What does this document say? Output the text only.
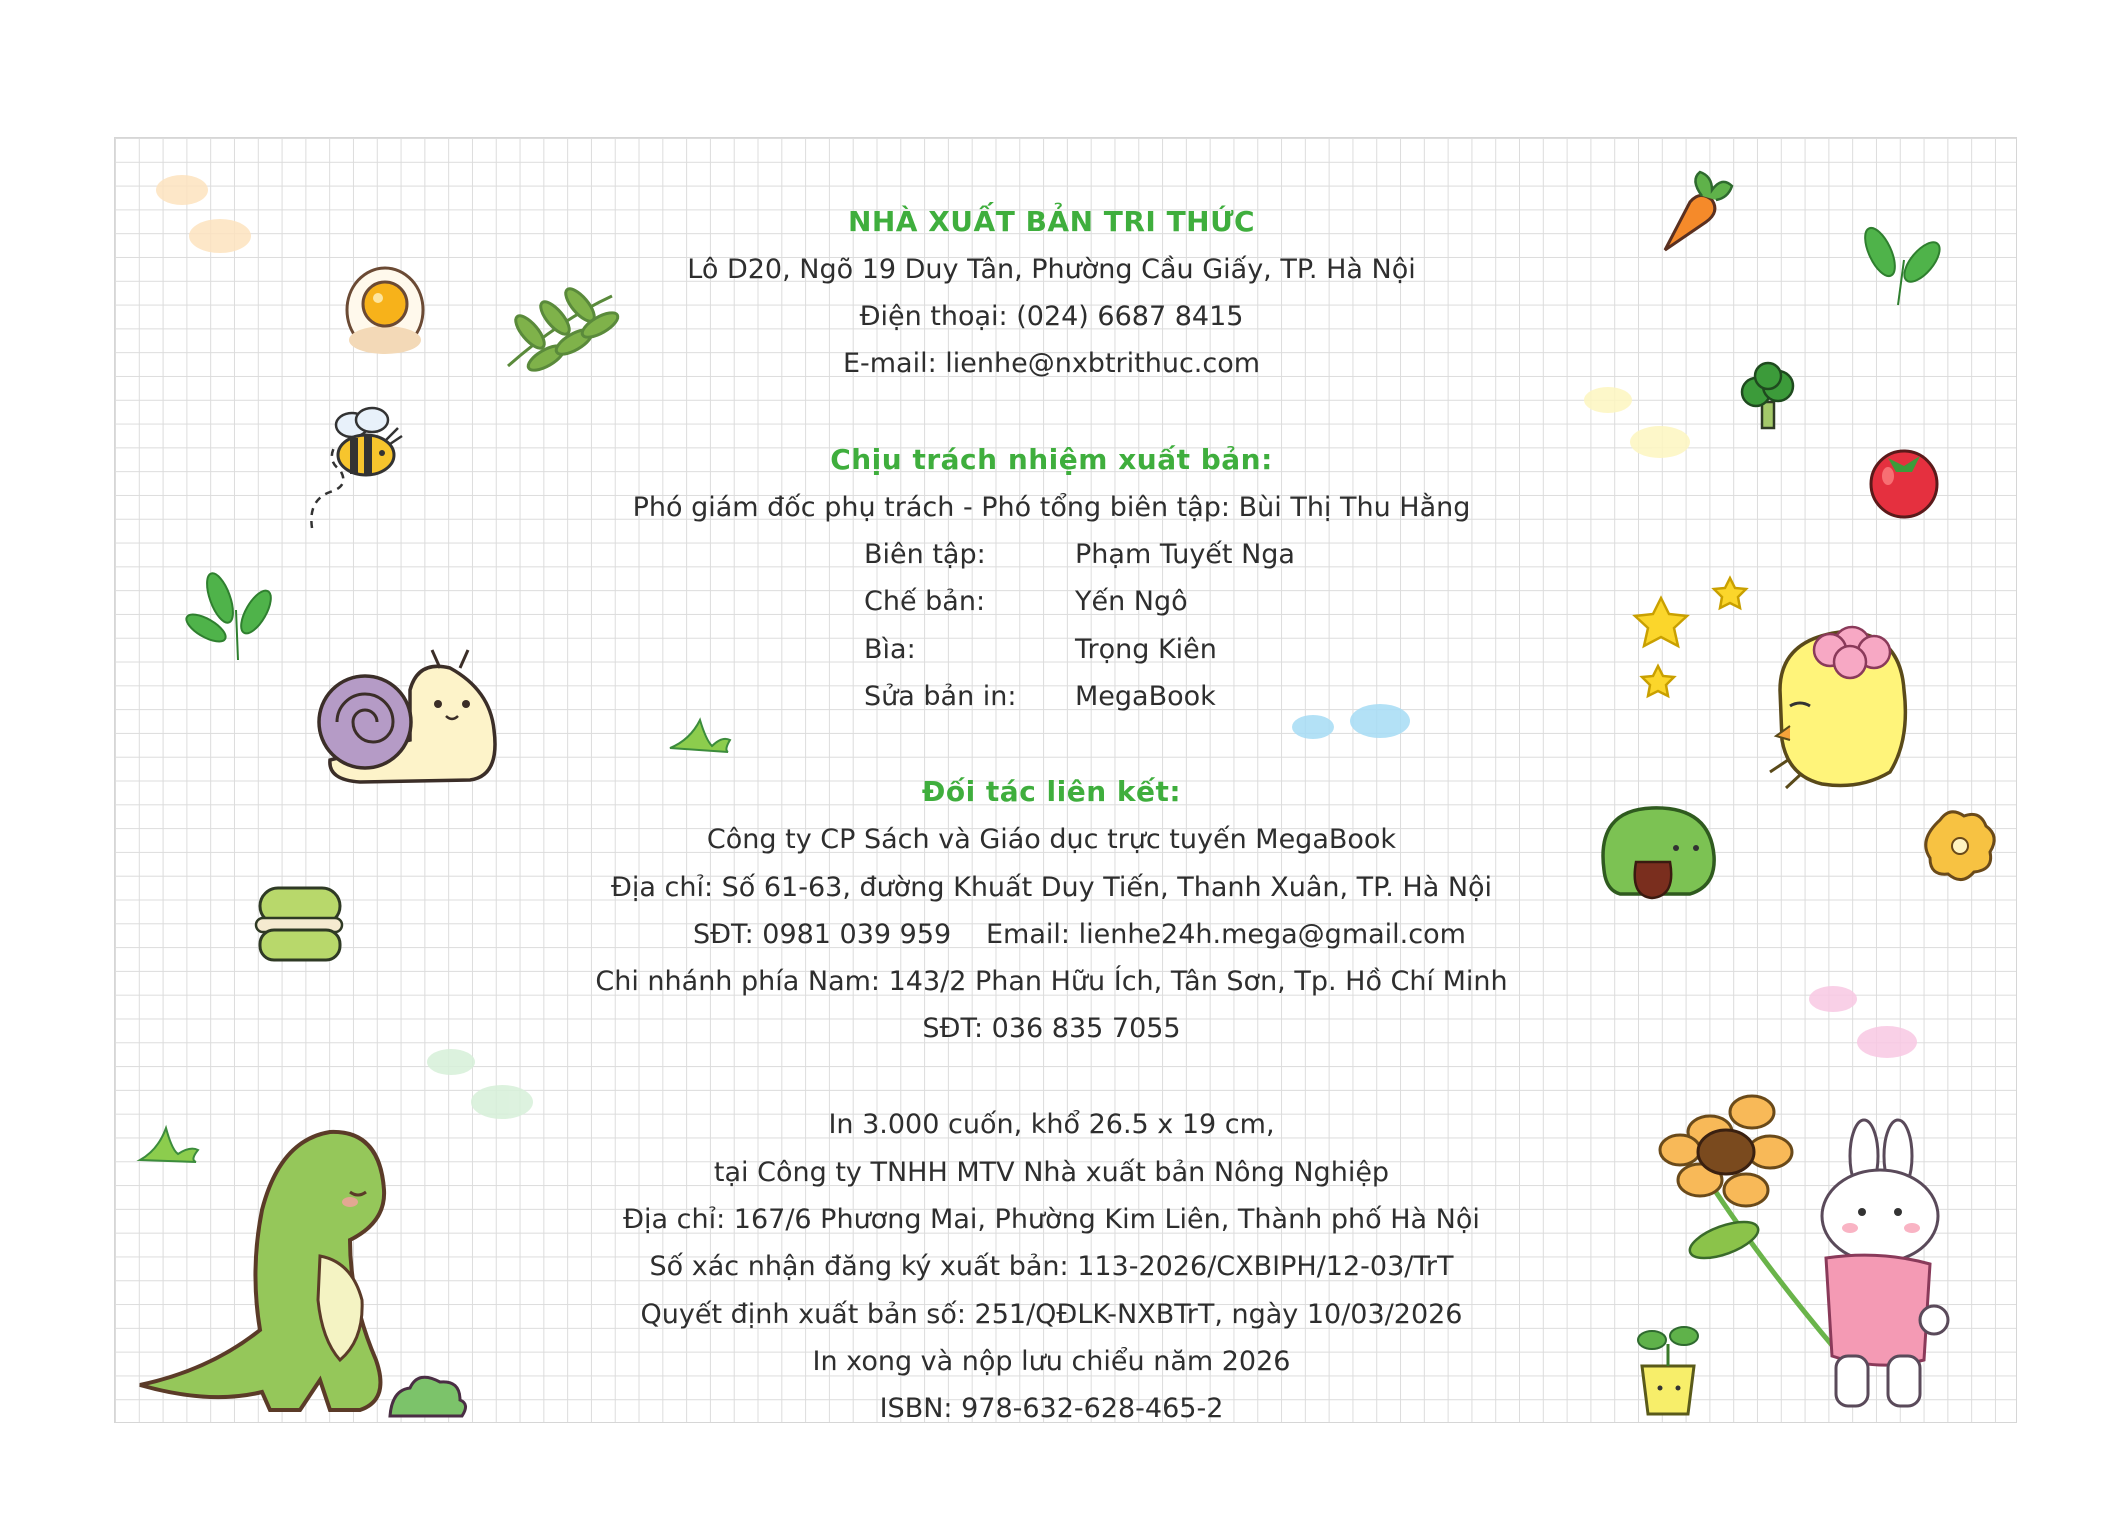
NHÀ XUẤT BẢN TRI THỨC
Lô D20, Ngõ 19 Duy Tân, Phường Cầu Giấy, TP. Hà Nội
Điện thoại: (024) 6687 8415
E-mail: lienhe@nxbtrithuc.com
Chịu trách nhiệm xuất bản:
Phó giám đốc phụ trách - Phó tổng biên tập: Bùi Thị Thu Hằng
Biên tập:	Phạm Tuyết Nga
Chế bản:	Yến Ngô
Bìa:	Trọng Kiên
Sửa bản in: MegaBook
Đối tác liên kết:
Công ty CP Sách và Giáo dục trực tuyến MegaBook
Địa chỉ: Số 61-63, đường Khuất Duy Tiến, Thanh Xuân, TP. Hà Nội
SĐT: 0981 039 959 Email: lienhe24h.mega@gmail.com
Chi nhánh phía Nam: 143/2 Phan Hữu Ích, Tân Sơn, Tp. Hồ Chí Minh
SĐT: 036 835 7055
In 3.000 cuốn, khổ 26.5 x 19 cm,
tại Công ty TNHH MTV Nhà xuất bản Nông Nghiệp
Địa chỉ: 167/6 Phương Mai, Phường Kim Liên, Thành phố Hà Nội
Số xác nhận đăng ký xuất bản: 113-2026/CXBIPH/12-03/TrT
Quyết định xuất bản số: 251/QĐLK-NXBTrT, ngày 10/03/2026
In xong và nộp lưu chiểu năm 2026
ISBN: 978-632-628-465-2
